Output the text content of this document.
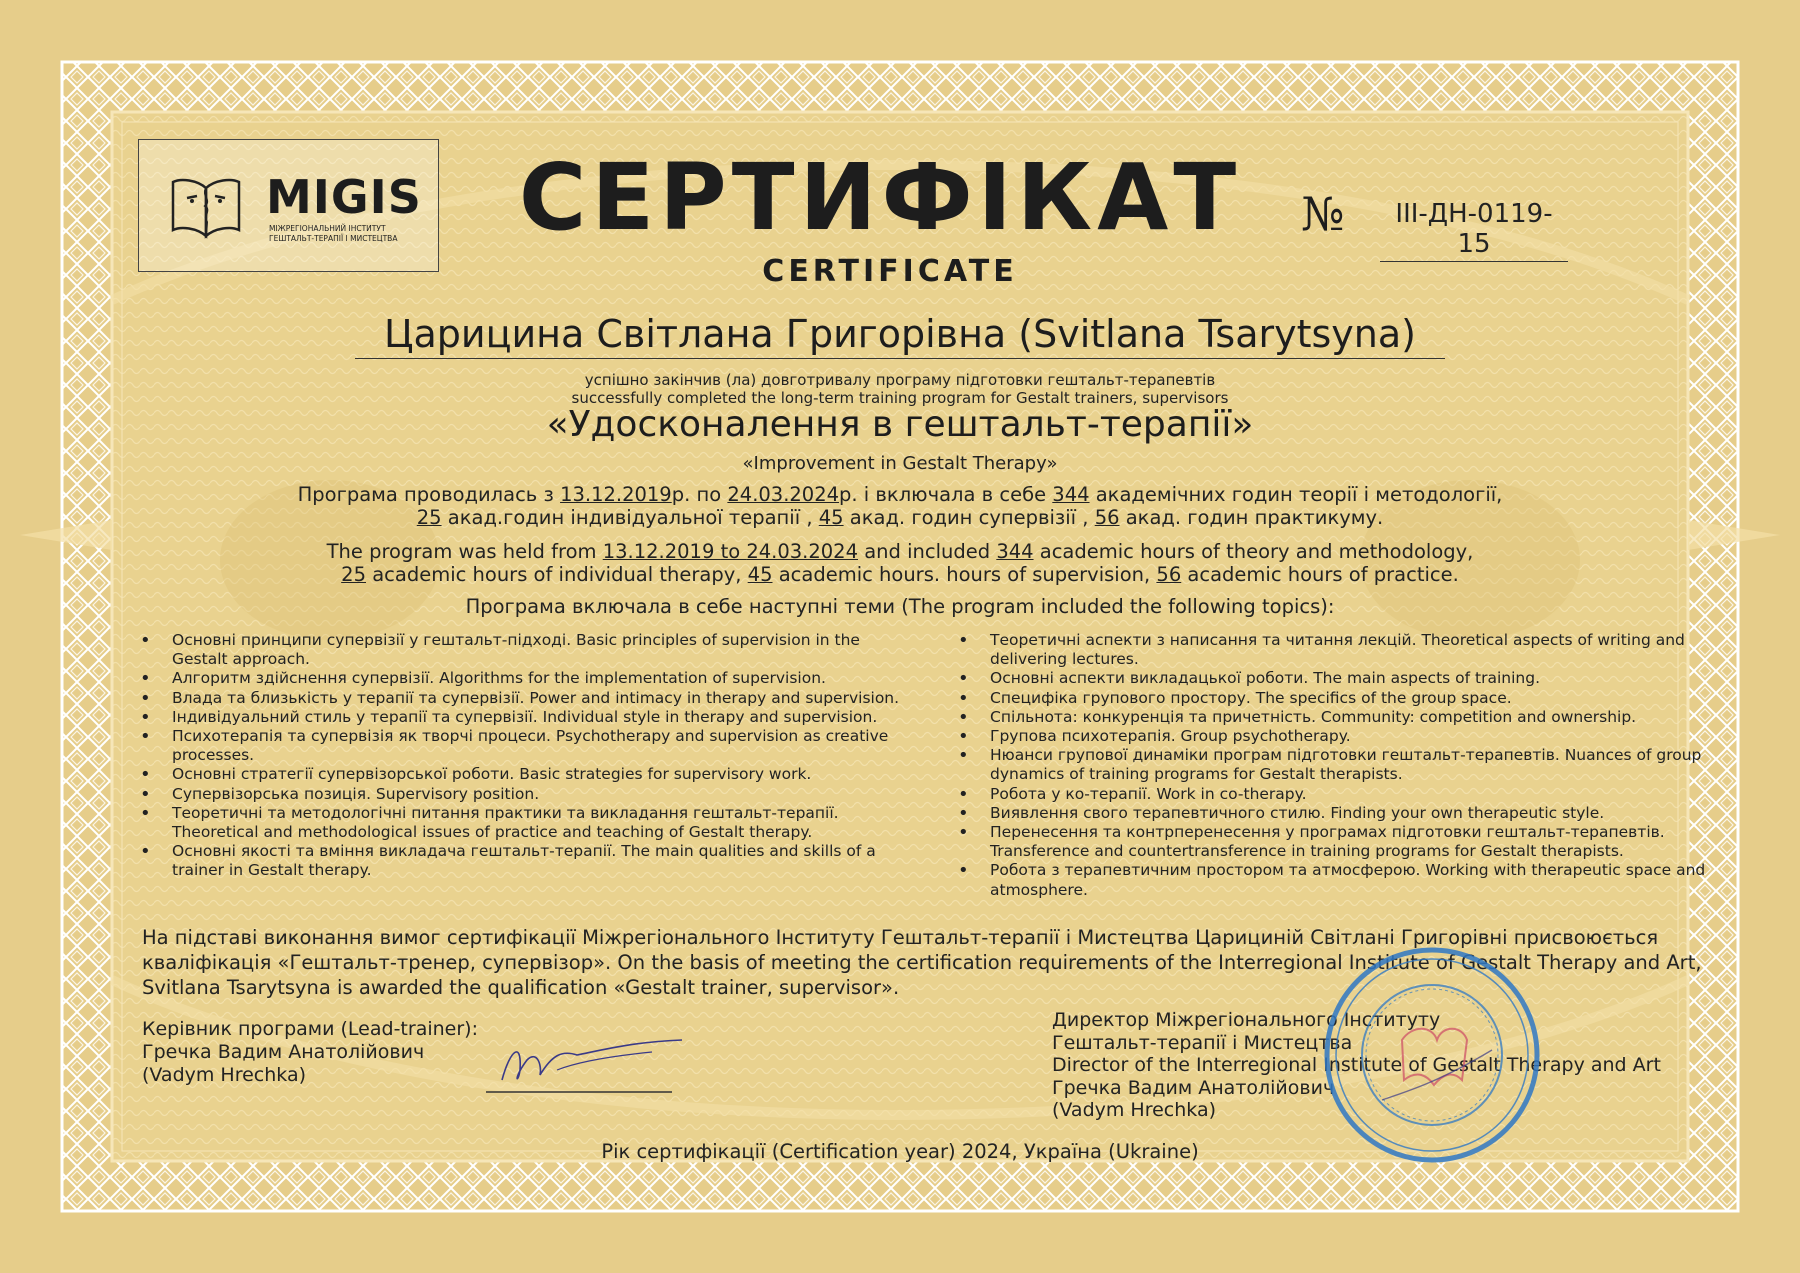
MIGIS
МІЖРЕГІОНАЛЬНИЙ ІНСТИТУТ ГЕШТАЛЬТ-ТЕРАПІЇ І МИСТЕЦТВА	СЕРТИФІКАТ
CERTIFICATE
№	ІІІ-ДН-0119-15
Царицина Світлана Григорівна (Svitlana Tsarytsyna)
успішно закінчив (ла) довготривалу програму підготовки гештальт-терапевтів
successfully completed the long-term training program for Gestalt trainers, supervisors
«Удосконалення в гештальт-терапії»
«Improvement in Gestalt Therapy»
Програма проводилась з 13.12.2019р. по 24.03.2024р. і включала в себе 344 академічних годин теорії і методології,
25 акад.годин індивідуальної терапії , 45 акад. годин супервізії , 56 акад. годин практикуму.
The program was held from 13.12.2019 to 24.03.2024 and included 344 academic hours of theory and methodology,
25 academic hours of individual therapy, 45 academic hours. hours of supervision, 56 academic hours of practice.
Програма включала в себе наступні теми (The program included the following topics):
• Основні принципи супервізії у гештальт-підході. Basic principles of supervision in the Gestalt approach.
• Алгоритм здійснення супервізії. Algorithms for the implementation of supervision.
• Влада та близькість у терапії та супервізії. Power and intimacy in therapy and supervision.
• Індивідуальний стиль у терапії та супервізії. Individual style in therapy and supervision.
• Психотерапія та супервізія як творчі процеси. Psychotherapy and supervision as creative processes.
• Основні стратегії супервізорської роботи. Basic strategies for supervisory work.
• Супервізорська позиція. Supervisory position.
• Теоретичні та методологічні питання практики та викладання гештальт-терапії. Theoretical and methodological issues of practice and teaching of Gestalt therapy.
• Основні якості та вміння викладача гештальт-терапії. The main qualities and skills of a trainer in Gestalt therapy.
• Теоретичні аспекти з написання та читання лекцій. Theoretical aspects of writing and delivering lectures.
• Основні аспекти викладацької роботи. The main aspects of training.
• Специфіка групового простору. The specifics of the group space.
• Спільнота: конкуренція та причетність. Community: competition and ownership.
• Групова психотерапія. Group psychotherapy.
• Нюанси групової динаміки програм підготовки гештальт-терапевтів. Nuances of group dynamics of training programs for Gestalt therapists.
• Робота у ко-терапії. Work in co-therapy.
• Виявлення свого терапевтичного стилю. Finding your own therapeutic style.
• Перенесення та контрперенесення у програмах підготовки гештальт-терапевтів. Transference and countertransference in training programs for Gestalt therapists.
• Робота з терапевтичним простором та атмосферою. Working with therapeutic space and atmosphere.
На підставі виконання вимог сертифікації Міжрегіонального Інституту Гештальт-терапії і Мистецтва Царициній Світлані Григорівні присвоюється кваліфікація «Гештальт-тренер, супервізор». On the basis of meeting the certification requirements of the Interregional Institute of Gestalt Therapy and Art, Svitlana Tsarytsyna is awarded the qualification «Gestalt trainer, supervisor».
Керівник програми (Lead-trainer):
Гречка Вадим Анатолійович
(Vadym Hrechka)
Директор Міжрегіонального Інституту
Гештальт-терапії і Мистецтва
Director of the Interregional Institute of Gestalt Therapy and Art
Гречка Вадим Анатолійович
(Vadym Hrechka)
Рік сертифікації (Certification year) 2024, Україна (Ukraine)
